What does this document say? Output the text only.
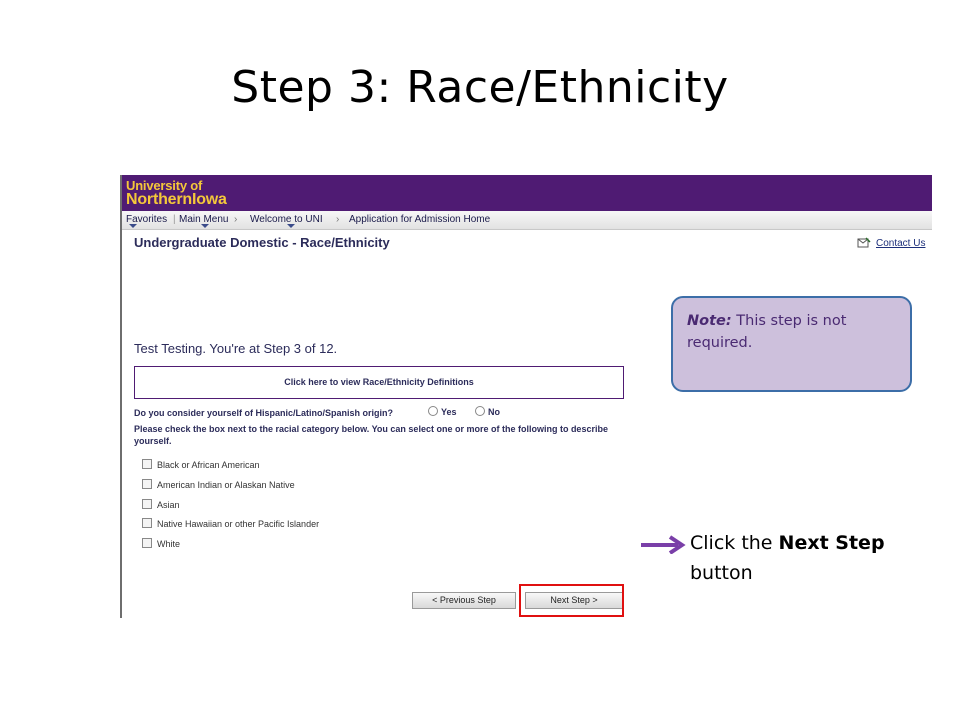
Step 3: Race/Ethnicity
University of
NorthernIowa
Favorites | Main Menu › Welcome to UNI › Application for Admission Home
Undergraduate Domestic - Race/Ethnicity	Contact Us
Test Testing. You're at Step 3 of 12.
Click here to view Race/Ethnicity Definitions
Do you consider yourself of Hispanic/Latino/Spanish origin?	Yes	No
Please check the box next to the racial category below. You can select one or more of the following to describe yourself.
Black or African American
American Indian or Alaskan Native
Asian
Native Hawaiian or other Pacific Islander
White
< Previous Step	Next Step >
Note: This step is not required.
Click the Next Step button
